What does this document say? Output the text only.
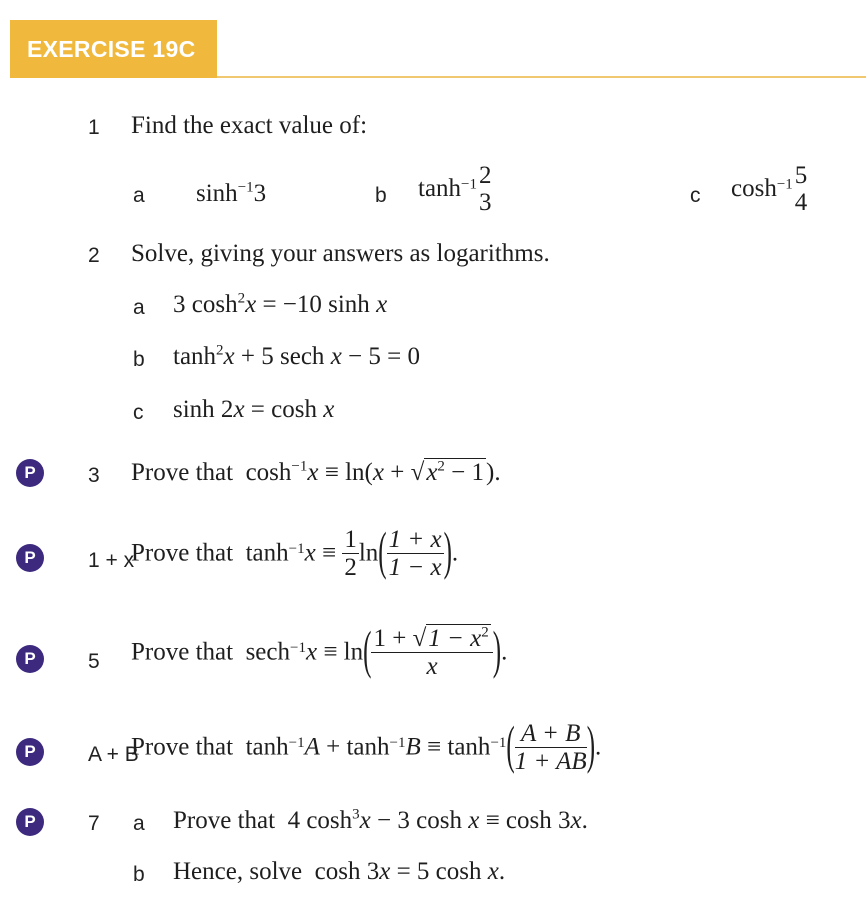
EXERCISE 19C
1 Find the exact value of:
a $\sinh^{-1}3$	b $\tanh^{-1} 2$
3	c $\cosh^{-1} 5$
4
2 Solve, giving your answers as logarithms.
a 3 $\cosh^2x = -10$ sinh x
b $\tanh^2x + 5$ sech x − 5 = 0
c sinh 2x = cosh x
P	3 Prove that $\cosh^{-1}x \equiv \ln(x + √x^2 - 1)$.
P	1 + x
Prove that $\tanh^{-1}x \equiv \frac{1}{2} \ln( \frac{1 + x}{1 - x}$ ).
P	5 Prove that $\sec h^{-1}x \equiv \ln( \frac{1 + √1 - x^2}{x}$ ).
P	A + B
Prove that $\tanh^{-1}A + \tanh^{-1}B \equiv \tanh^{-1}( \frac{A + B}{1 + AB}$ ).
P	7 a Prove that 4 $\cosh^3x - 3$ cosh x ≡ cosh 3x.
b Hence, solve cosh 3x = 5 cosh x.
